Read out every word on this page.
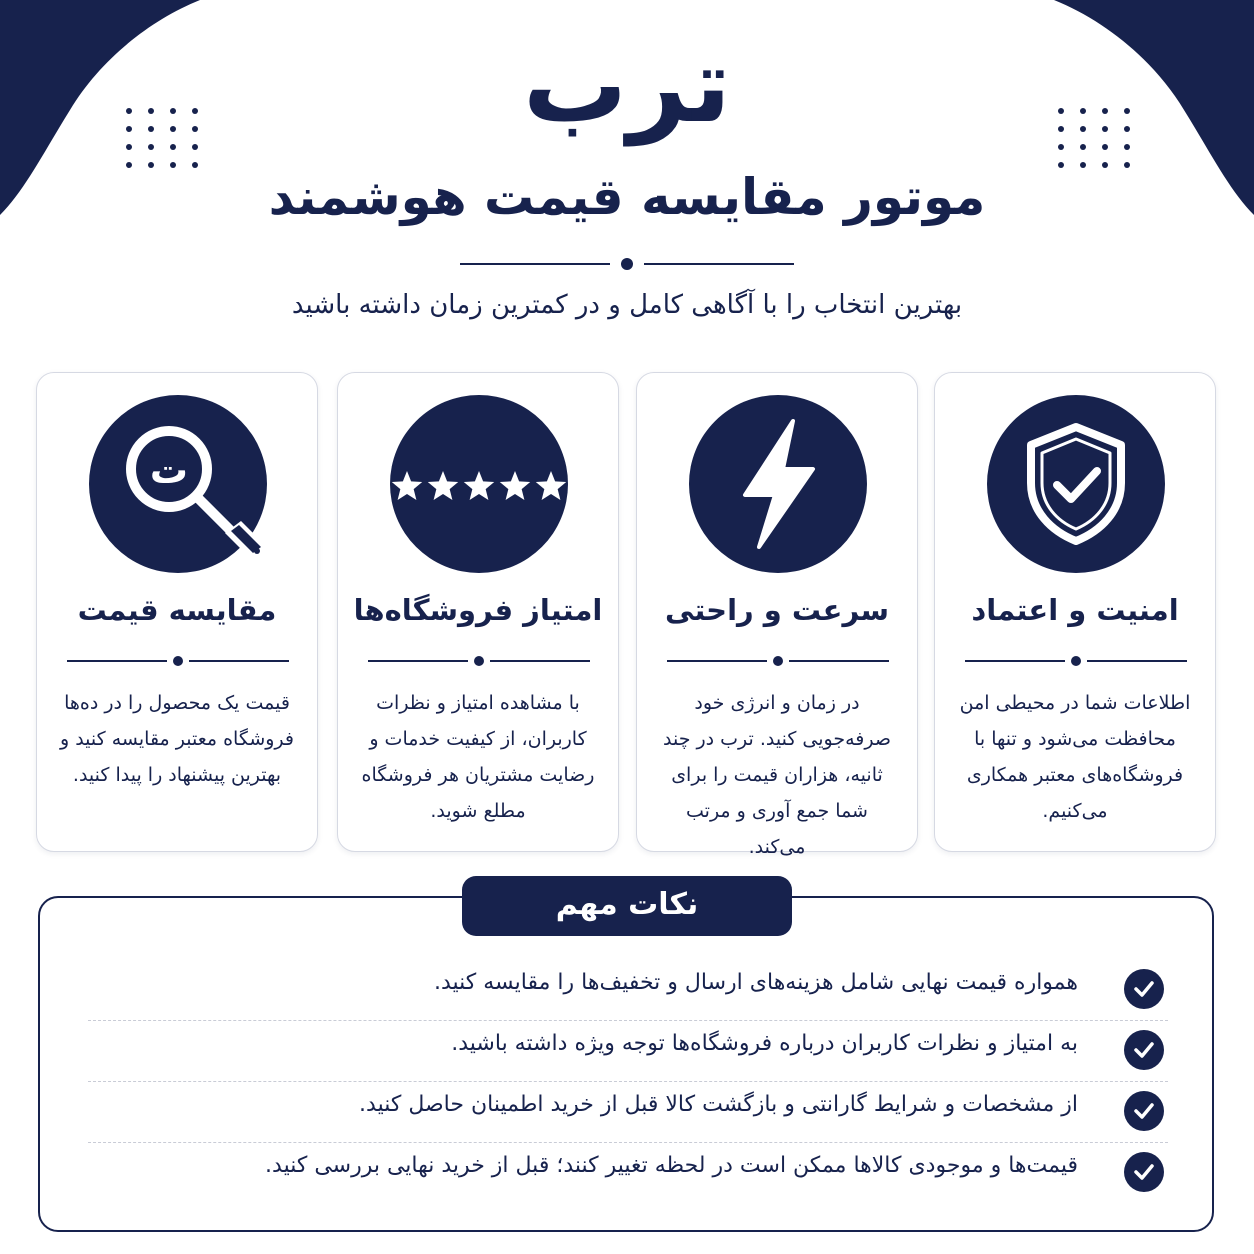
ترب
موتور مقایسه قیمت هوشمند
بهترین انتخاب را با آگاهی کامل و در کمترین زمان داشته باشید
امنیت و اعتماد
اطلاعات شما در محیطی امن محافظت می‌شود و تنها با فروشگاه‌های معتبر همکاری می‌کنیم.
سرعت و راحتی
در زمان و انرژی خود صرفه‌جویی کنید. ترب در چند ثانیه، هزاران قیمت را برای شما جمع آوری و مرتب می‌کند.
امتیاز فروشگاه‌ها
با مشاهده امتیاز و نظرات کاربران، از کیفیت خدمات و رضایت مشتریان هر فروشگاه مطلع شوید.
ت
مقایسه قیمت
قیمت یک محصول را در ده‌ها فروشگاه معتبر مقایسه کنید و بهترین پیشنهاد را پیدا کنید.
نکات مهم
همواره قیمت نهایی شامل هزینه‌های ارسال و تخفیف‌ها را مقایسه کنید.
به امتیاز و نظرات کاربران درباره فروشگاه‌ها توجه ویژه داشته باشید.
از مشخصات و شرایط گارانتی و بازگشت کالا قبل از خرید اطمینان حاصل کنید.
قیمت‌ها و موجودی کالاها ممکن است در لحظه تغییر کنند؛ قبل از خرید نهایی بررسی کنید.
